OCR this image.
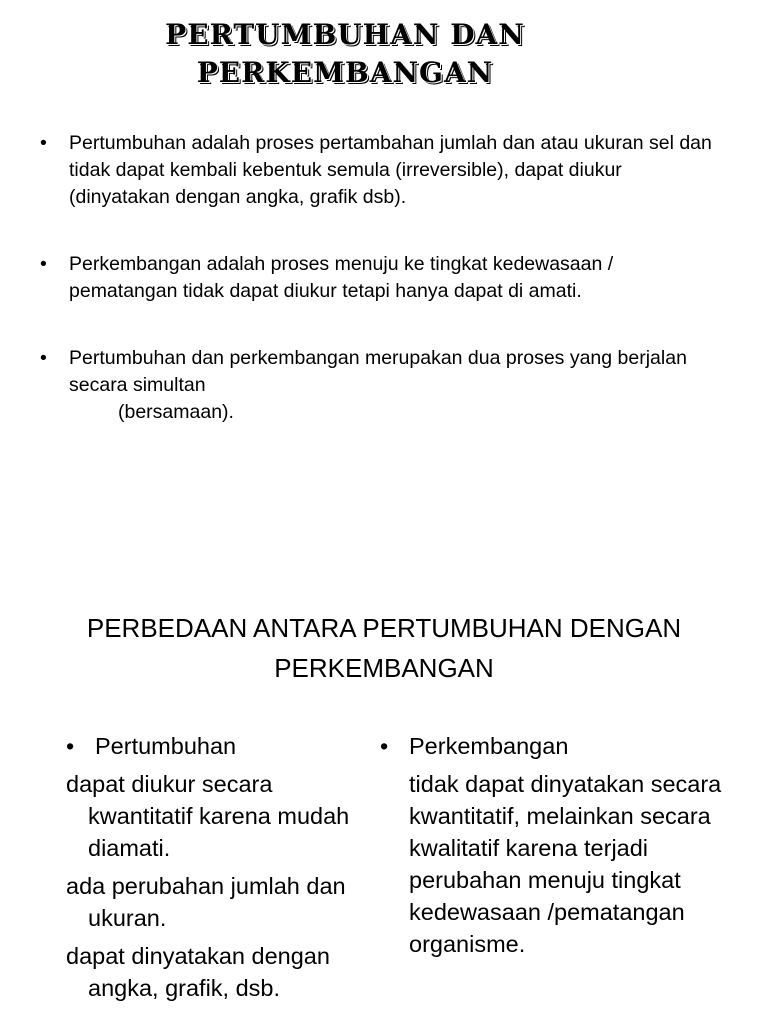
PERTUMBUHAN DAN
PERKEMBANGAN
• Pertumbuhan adalah proses pertambahan jumlah dan atau ukuran sel dan tidak dapat kembali kebentuk semula (irreversible), dapat diukur (dinyatakan dengan angka, grafik dsb).
• Perkembangan adalah proses menuju ke tingkat kedewasaan / pematangan tidak dapat diukur tetapi hanya dapat di amati.
• Pertumbuhan dan perkembangan merupakan dua proses yang berjalan secara simultan
(bersamaan).
PERBEDAAN ANTARA PERTUMBUHAN DENGAN
PERKEMBANGAN
• Pertumbuhan
dapat diukur secara kwantitatif karena mudah diamati.
ada perubahan jumlah dan ukuran.
dapat dinyatakan dengan angka, grafik, dsb.
• Perkembangan
tidak dapat dinyatakan secara kwantitatif, melainkan secara kwalitatif karena terjadi perubahan menuju tingkat kedewasaan /pematangan organisme.
